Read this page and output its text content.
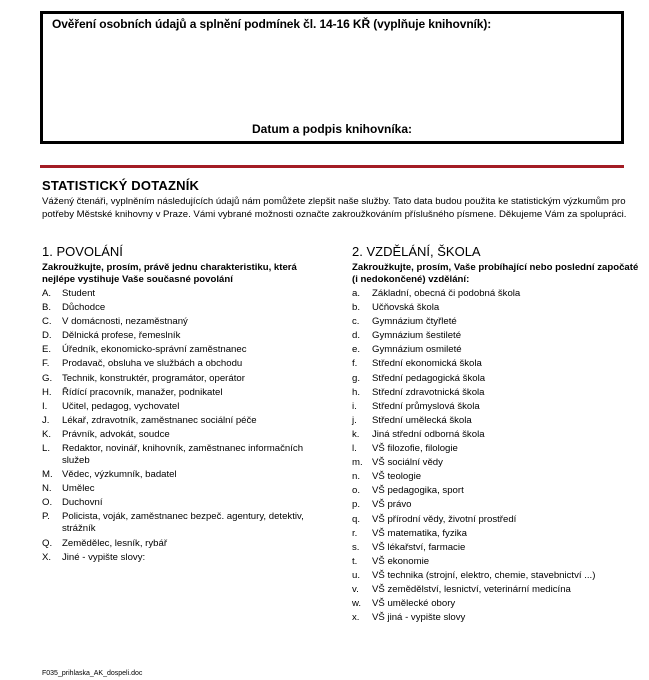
Ověření osobních údajů a splnění podmínek čl. 14-16 KŘ (vyplňuje knihovník):
Datum a podpis knihovníka:
STATISTICKÝ DOTAZNÍK
Vážený čtenáři, vyplněním následujících údajů nám pomůžete zlepšit naše služby. Tato data budou použita ke statistickým výzkumům pro potřeby Městské knihovny v Praze. Vámi vybrané možnosti označte zakroužkováním příslušného písmene. Děkujeme Vám za spolupráci.
1. POVOLÁNÍ
Zakroužkujte, prosím, právě jednu charakteristiku, která nejlépe vystihuje Vaše současné povolání
A.	Student
B.	Důchodce
C.	V domácnosti, nezaměstnaný
D.	Dělnická profese, řemeslník
E.	Úředník, ekonomicko-správní zaměstnanec
F.	Prodavač, obsluha ve službách a obchodu
G.	Technik, konstruktér, programátor, operátor
H.	Řídící pracovník, manažer, podnikatel
I.	Učitel, pedagog, vychovatel
J.	Lékař, zdravotník, zaměstnanec sociální péče
K.	Právník, advokát, soudce
L.	Redaktor, novinář, knihovník, zaměstnanec informačních služeb
M. Vědec, výzkumník, badatel
N.	Umělec
O.	Duchovní
P.	Policista, voják, zaměstnanec bezpeč. agentury, detektiv, strážník
Q.	Zemědělec, lesník, rybář
X.	Jiné - vypište slovy:
2. VZDĚLÁNÍ, ŠKOLA
Zakroužkujte, prosím, Vaše probíhající nebo poslední započaté (i nedokončené) vzdělání:
a.	Základní, obecná či podobná škola
b.	Učňovská škola
c.	Gymnázium čtyřleté
d.	Gymnázium šestileté
e.	Gymnázium osmileté
f.	Střední ekonomická škola
g.	Střední pedagogická škola
h.	Střední zdravotnická škola
i.	Střední průmyslová škola
j.	Střední umělecká škola
k.	Jiná střední odborná škola
l.	VŠ filozofie, filologie
m. VŠ sociální vědy
n.	VŠ teologie
o.	VŠ pedagogika, sport
p.	VŠ právo
q.	VŠ přírodní vědy, životní prostředí
r.	VŠ matematika, fyzika
s.	VŠ lékařství, farmacie
t.	VŠ ekonomie
u.	VŠ technika (strojní, elektro, chemie, stavebnictví ...)
v.	VŠ zemědělství, lesnictví, veterinární medicína
w.	VŠ umělecké obory
x.	VŠ jiná - vypište slovy
F035_prihlaska_AK_dospeli.doc
